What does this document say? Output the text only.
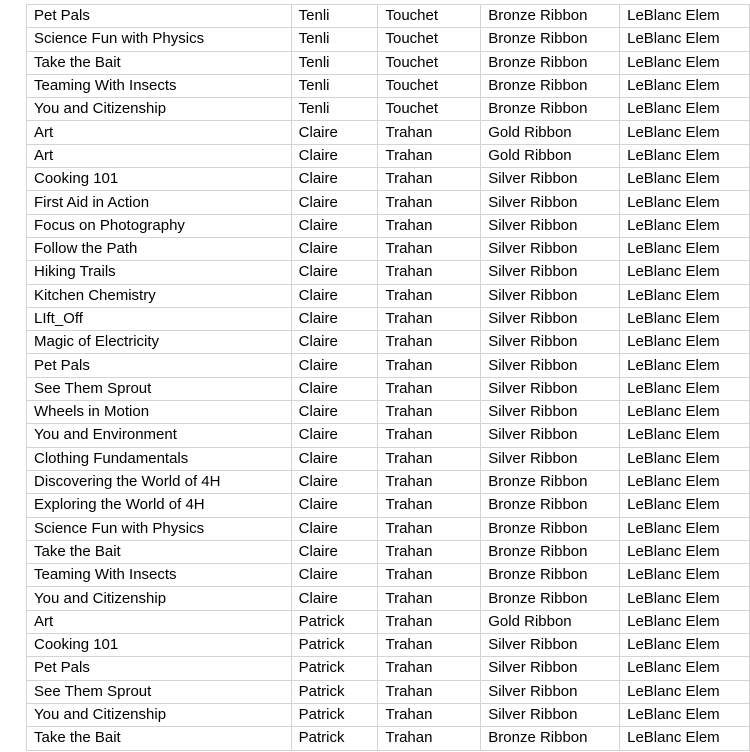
Pet Pals	Tenli	Touchet	Bronze Ribbon	LeBlanc Elem
Science Fun with Physics	Tenli	Touchet	Bronze Ribbon	LeBlanc Elem
Take the Bait	Tenli	Touchet	Bronze Ribbon	LeBlanc Elem
Teaming With Insects	Tenli	Touchet	Bronze Ribbon	LeBlanc Elem
You and Citizenship	Tenli	Touchet	Bronze Ribbon	LeBlanc Elem
Art	Claire	Trahan	Gold Ribbon	LeBlanc Elem
Art	Claire	Trahan	Gold Ribbon	LeBlanc Elem
Cooking 101	Claire	Trahan	Silver Ribbon	LeBlanc Elem
First Aid in Action	Claire	Trahan	Silver Ribbon	LeBlanc Elem
Focus on Photography	Claire	Trahan	Silver Ribbon	LeBlanc Elem
Follow the Path	Claire	Trahan	Silver Ribbon	LeBlanc Elem
Hiking Trails	Claire	Trahan	Silver Ribbon	LeBlanc Elem
Kitchen Chemistry	Claire	Trahan	Silver Ribbon	LeBlanc Elem
LIft_Off	Claire	Trahan	Silver Ribbon	LeBlanc Elem
Magic of Electricity	Claire	Trahan	Silver Ribbon	LeBlanc Elem
Pet Pals	Claire	Trahan	Silver Ribbon	LeBlanc Elem
See Them Sprout	Claire	Trahan	Silver Ribbon	LeBlanc Elem
Wheels in Motion	Claire	Trahan	Silver Ribbon	LeBlanc Elem
You and Environment	Claire	Trahan	Silver Ribbon	LeBlanc Elem
Clothing Fundamentals	Claire	Trahan	Silver Ribbon	LeBlanc Elem
Discovering the World of 4H	Claire	Trahan	Bronze Ribbon	LeBlanc Elem
Exploring the World of 4H	Claire	Trahan	Bronze Ribbon	LeBlanc Elem
Science Fun with Physics	Claire	Trahan	Bronze Ribbon	LeBlanc Elem
Take the Bait	Claire	Trahan	Bronze Ribbon	LeBlanc Elem
Teaming With Insects	Claire	Trahan	Bronze Ribbon	LeBlanc Elem
You and Citizenship	Claire	Trahan	Bronze Ribbon	LeBlanc Elem
Art	Patrick	Trahan	Gold Ribbon	LeBlanc Elem
Cooking 101	Patrick	Trahan	Silver Ribbon	LeBlanc Elem
Pet Pals	Patrick	Trahan	Silver Ribbon	LeBlanc Elem
See Them Sprout	Patrick	Trahan	Silver Ribbon	LeBlanc Elem
You and Citizenship	Patrick	Trahan	Silver Ribbon	LeBlanc Elem
Take the Bait	Patrick	Trahan	Bronze Ribbon	LeBlanc Elem
